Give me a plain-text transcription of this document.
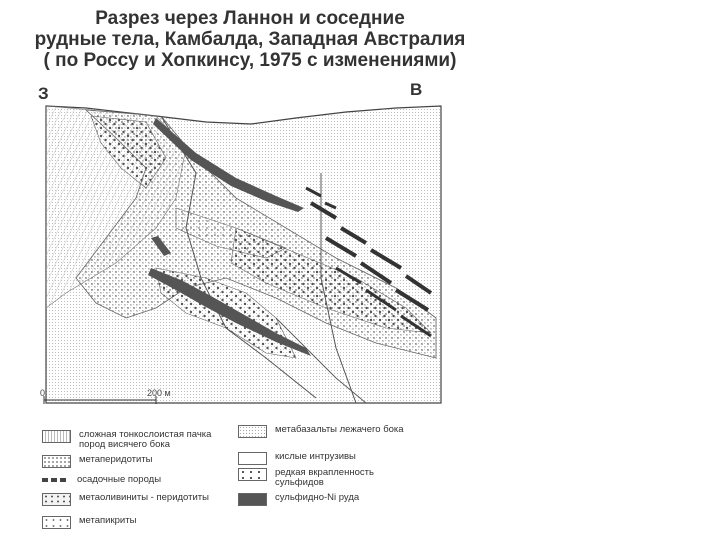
Разрез через Ланнон и соседние
рудные тела, Камбалда, Западная Австралия
( по Россу и Хопкинсу, 1975 с изменениями)
З	В
0	200 м
сложная тонкослоистая пачка пород висячего бока
метаперидотиты
осадочные породы
метаоливиниты - перидотиты
метапикриты
метабазальты лежачего бока
кислые интрузивы
редкая вкрапленность сульфидов
сульфидно-Ni руда
